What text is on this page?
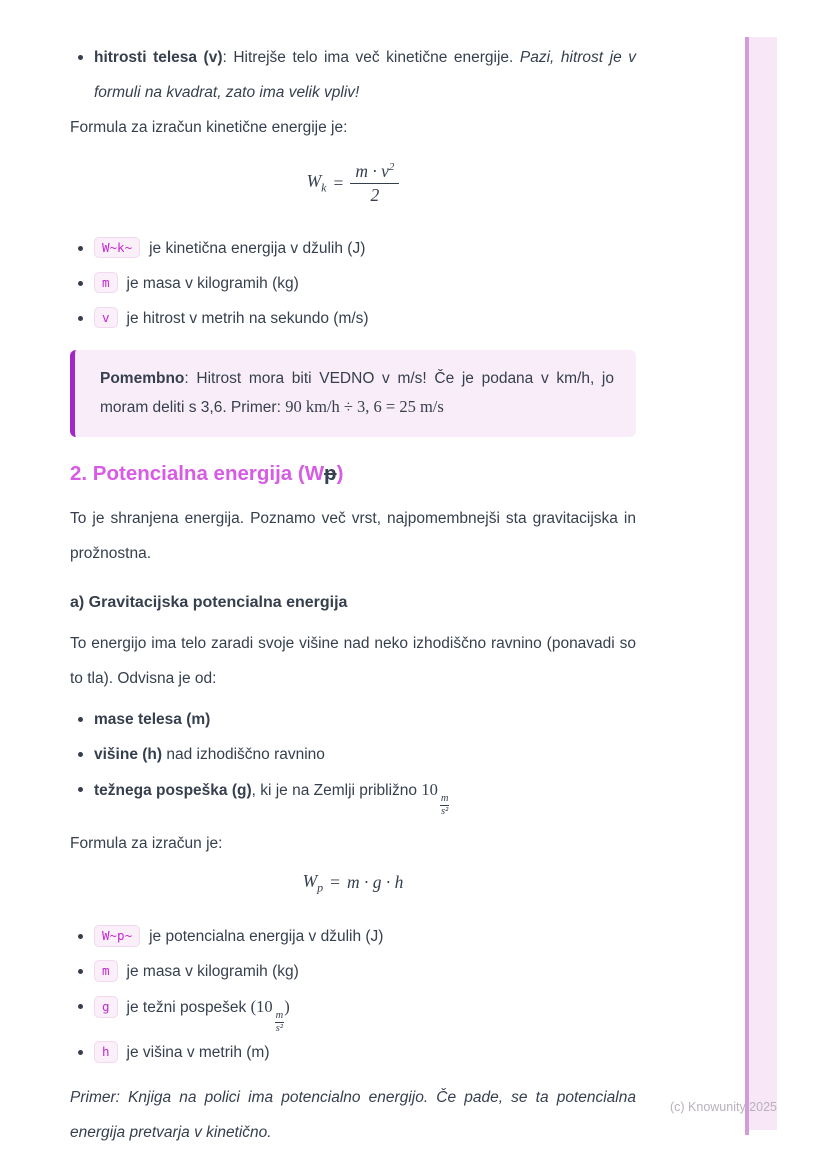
hitrosti telesa (v): Hitrejše telo ima več kinetične energije. Pazi, hitrost je v formuli na kvadrat, zato ima velik vpliv!

Formula za izračun kinetične energije je:

$W_k = \frac{m \cdot v^2}{2}$
W~k~ je kinetična energija v džulih (J)
m je masa v kilogramih (kg)
v je hitrost v metrih na sekundo (m/s)
Pomembno: Hitrost mora biti VEDNO v m/s! Če je podana v km/h, jo moram deliti s 3,6. Primer: 90 km/h ÷ 3, 6 = 25 m/s
2. Potencialna energija (Wp)

To je shranjena energija. Poznamo več vrst, najpomembnejši sta gravitacijska in prožnostna.

a) Gravitacijska potencialna energija

To energijo ima telo zaradi svoje višine nad neko izhodiščno ravnino (ponavadi so to tla). Odvisna je od:

mase telesa (m)
višine (h) nad izhodiščno ravnino
težnega pospeška (g), ki je na Zemlji približno 10
$\frac{m}{\text{s²}}$

Formula za izračun je:

$W_p = m \cdot g \cdot h$
W~p~ je potencialna energija v džulih (J)
m je masa v kilogramih (kg)
g je težni pospešek (10
$\frac{m}{\text{s²}}$
)
h je višina v metrih (m)

Primer: Knjiga na polici ima potencialno energijo. Če pade, se ta potencialna energija pretvarja v kinetično.

(c) Knowunity 2025
